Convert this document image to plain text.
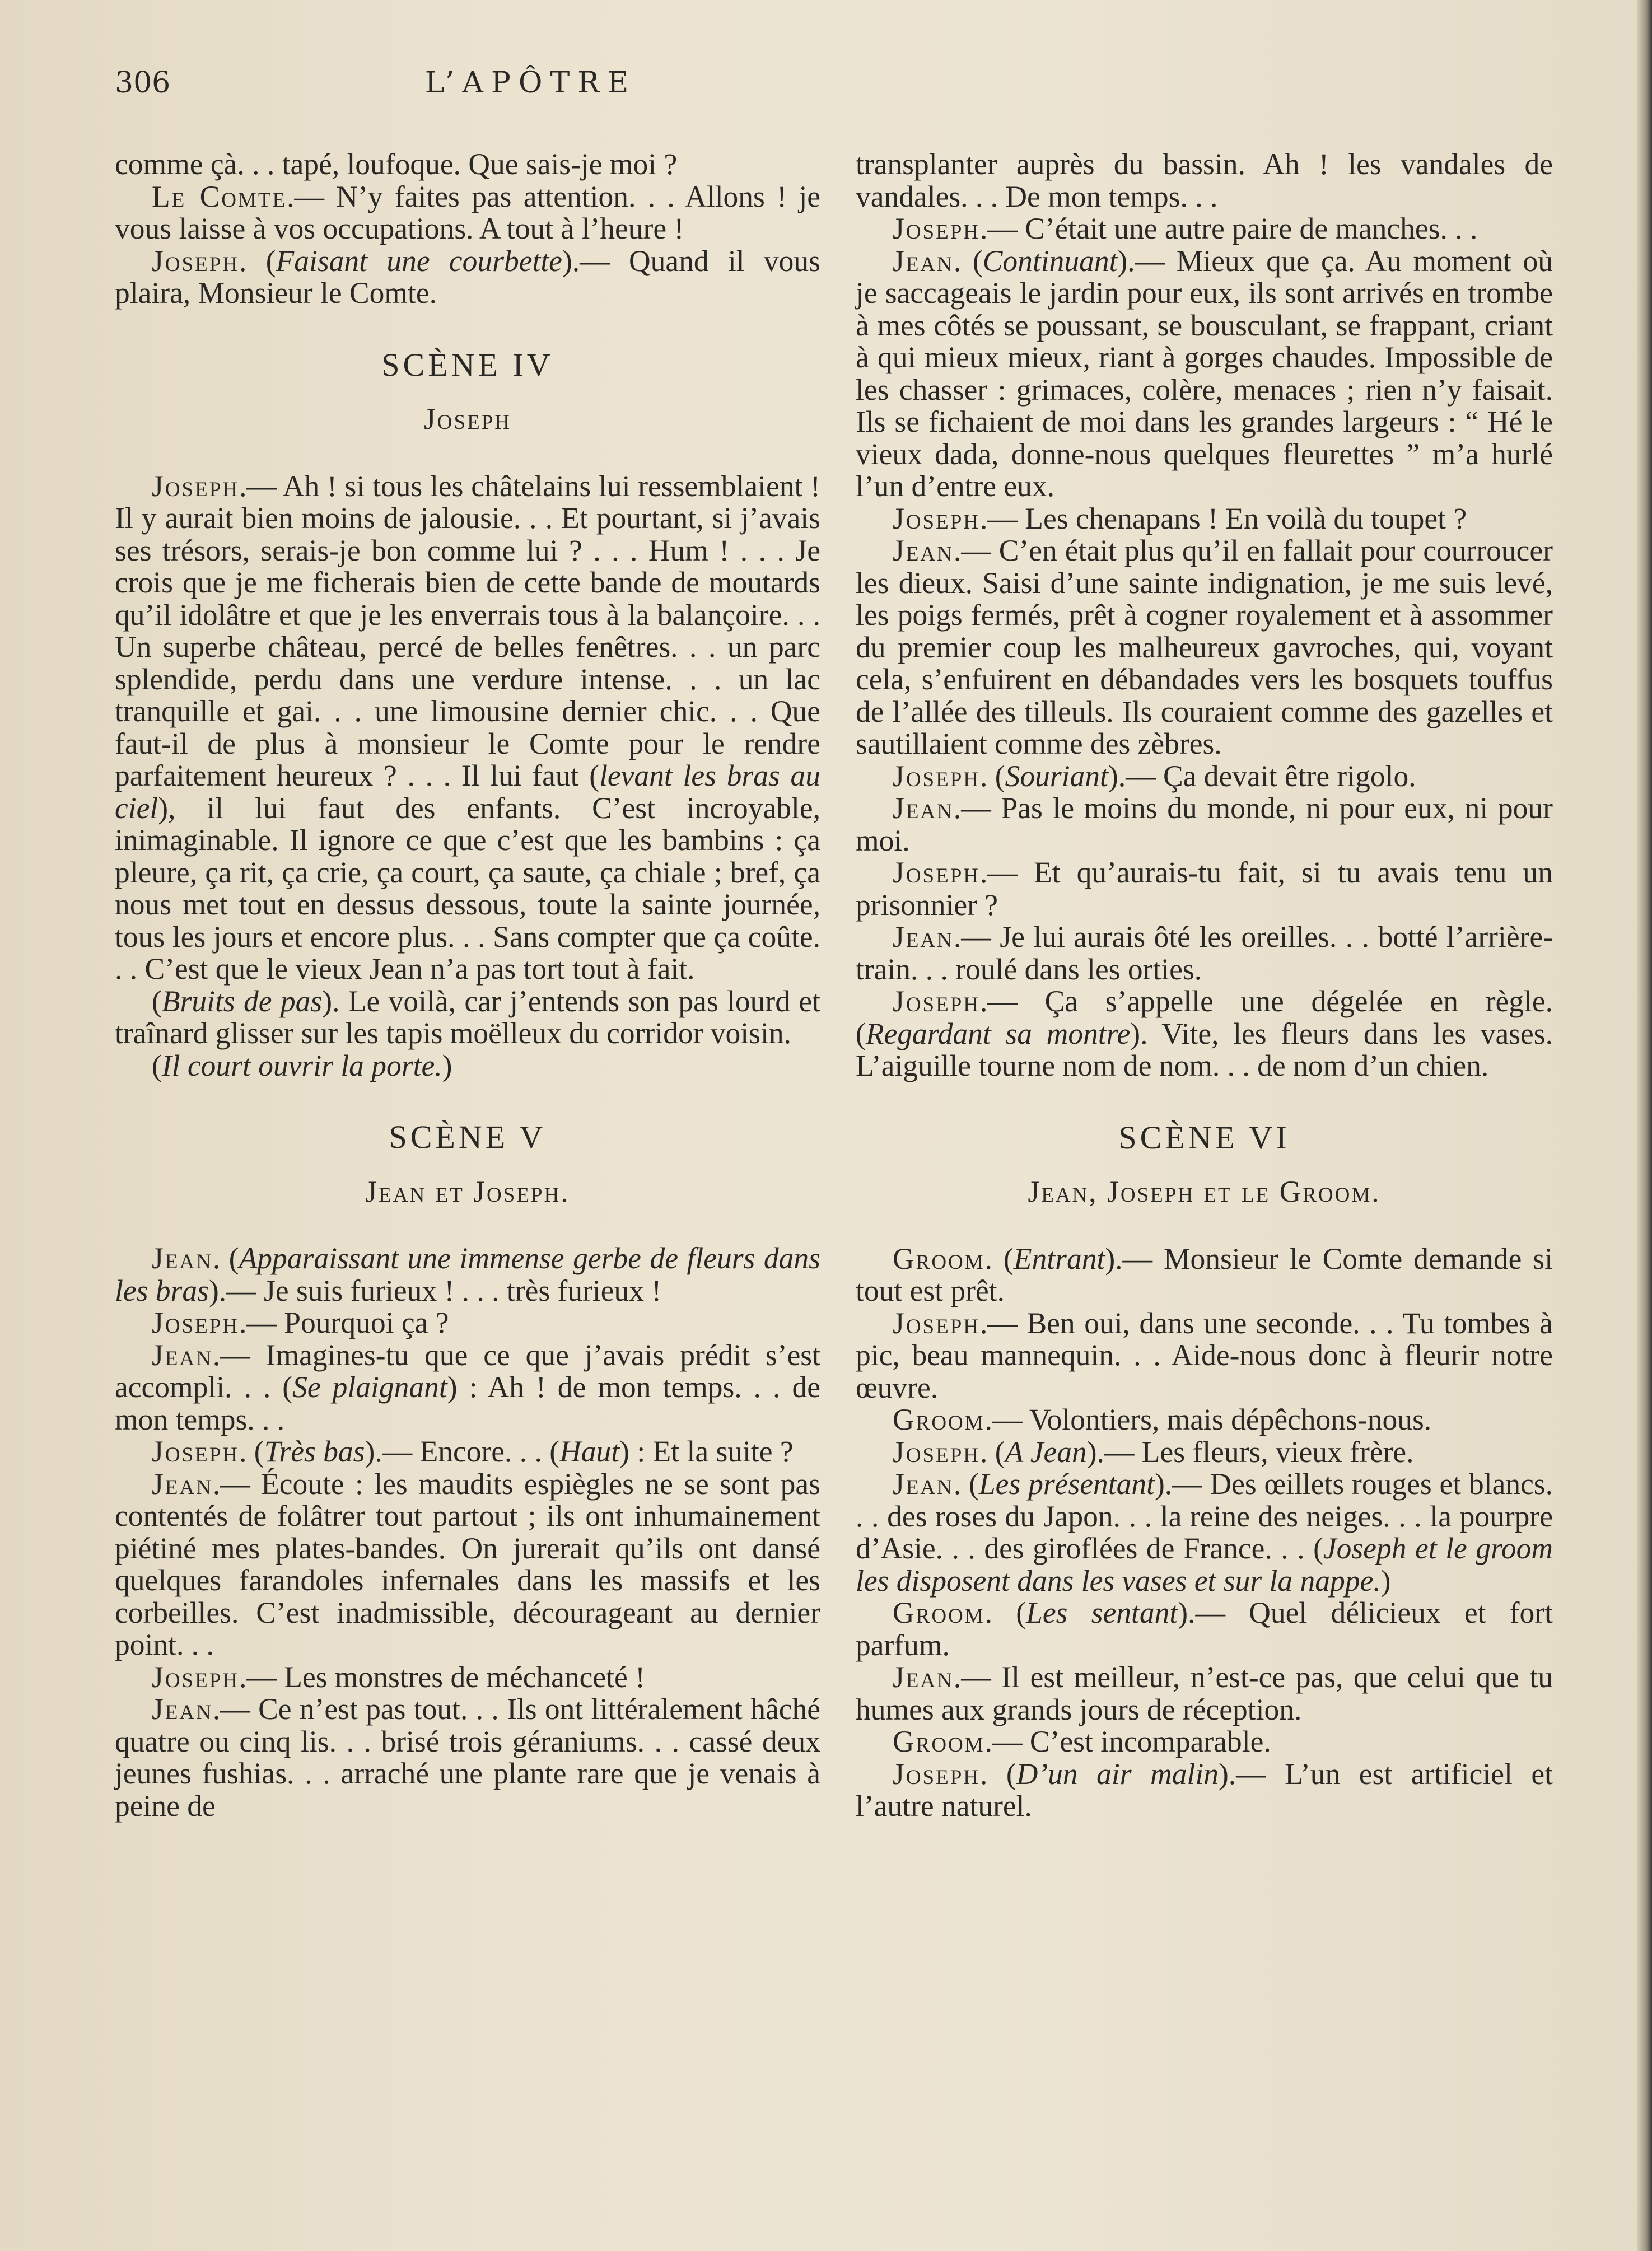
306	L’APÔTRE

comme çà. . . tapé, loufoque. Que sais-je moi ?

Le Comte.— N’y faites pas attention. . . Allons ! je vous laisse à vos occupations. A tout à l’heure !

Joseph. (Faisant une courbette).— Quand il vous plaira, Monsieur le Comte.

SCÈNE IV
Joseph

Joseph.— Ah ! si tous les châtelains lui ressemblaient ! Il y aurait bien moins de jalousie. . . Et pourtant, si j’avais ses trésors, serais-je bon comme lui ? . . . Hum ! . . . Je crois que je me ficherais bien de cette bande de moutards qu’il idolâtre et que je les enverrais tous à la balançoire. . . Un superbe château, percé de belles fenêtres. . . un parc splendide, perdu dans une verdure intense. . . un lac tranquille et gai. . . une limousine dernier chic. . . Que faut-il de plus à monsieur le Comte pour le rendre parfaitement heureux ? . . . Il lui faut (levant les bras au ciel), il lui faut des enfants. C’est incroyable, inimaginable. Il ignore ce que c’est que les bambins : ça pleure, ça rit, ça crie, ça court, ça saute, ça chiale ; bref, ça nous met tout en dessus dessous, toute la sainte journée, tous les jours et encore plus. . . Sans compter que ça coûte. . . C’est que le vieux Jean n’a pas tort tout à fait.

(Bruits de pas). Le voilà, car j’entends son pas lourd et traînard glisser sur les tapis moëlleux du corridor voisin.

(Il court ouvrir la porte.)

SCÈNE V
Jean et Joseph.

Jean. (Apparaissant une immense gerbe de fleurs dans les bras).— Je suis furieux ! . . . très furieux !

Joseph.— Pourquoi ça ?

Jean.— Imagines-tu que ce que j’avais prédit s’est accompli. . . (Se plaignant) : Ah ! de mon temps. . . de mon temps. . .

Joseph. (Très bas).— Encore. . . (Haut) : Et la suite ?

Jean.— Écoute : les maudits espiègles ne se sont pas contentés de folâtrer tout partout ; ils ont inhumainement piétiné mes plates-bandes. On jurerait qu’ils ont dansé quelques farandoles infernales dans les massifs et les corbeilles. C’est inadmissible, décourageant au dernier point. . .

Joseph.— Les monstres de méchanceté !

Jean.— Ce n’est pas tout. . . Ils ont littéralement hâché quatre ou cinq lis. . . brisé trois géraniums. . . cassé deux jeunes fushias. . . arraché une plante rare que je venais à peine de

transplanter auprès du bassin. Ah ! les vandales de vandales. . . De mon temps. . .

Joseph.— C’était une autre paire de manches. . .

Jean. (Continuant).— Mieux que ça. Au moment où je saccageais le jardin pour eux, ils sont arrivés en trombe à mes côtés se poussant, se bousculant, se frappant, criant à qui mieux mieux, riant à gorges chaudes. Impossible de les chasser : grimaces, colère, menaces ; rien n’y faisait. Ils se fichaient de moi dans les grandes largeurs : “ Hé le vieux dada, donne-nous quelques fleurettes ” m’a hurlé l’un d’entre eux.

Joseph.— Les chenapans ! En voilà du toupet ?

Jean.— C’en était plus qu’il en fallait pour courroucer les dieux. Saisi d’une sainte indignation, je me suis levé, les poigs fermés, prêt à cogner royalement et à assommer du premier coup les malheureux gavroches, qui, voyant cela, s’enfuirent en débandades vers les bosquets touffus de l’allée des tilleuls. Ils couraient comme des gazelles et sautillaient comme des zèbres.

Joseph. (Souriant).— Ça devait être rigolo.

Jean.— Pas le moins du monde, ni pour eux, ni pour moi.

Joseph.— Et qu’aurais-tu fait, si tu avais tenu un prisonnier ?

Jean.— Je lui aurais ôté les oreilles. . . botté l’arrière-train. . . roulé dans les orties.

Joseph.— Ça s’appelle une dégelée en règle. (Regardant sa montre). Vite, les fleurs dans les vases. L’aiguille tourne nom de nom. . . de nom d’un chien.

SCÈNE VI
Jean, Joseph et le Groom.

Groom. (Entrant).— Monsieur le Comte demande si tout est prêt.

Joseph.— Ben oui, dans une seconde. . . Tu tombes à pic, beau mannequin. . . Aide-nous donc à fleurir notre œuvre.

Groom.— Volontiers, mais dépêchons-nous.

Joseph. (A Jean).— Les fleurs, vieux frère.

Jean. (Les présentant).— Des œillets rouges et blancs. . . des roses du Japon. . . la reine des neiges. . . la pourpre d’Asie. . . des giroflées de France. . . (Joseph et le groom les disposent dans les vases et sur la nappe.)

Groom. (Les sentant).— Quel délicieux et fort parfum.

Jean.— Il est meilleur, n’est-ce pas, que celui que tu humes aux grands jours de réception.

Groom.— C’est incomparable.

Joseph. (D’un air malin).— L’un est artificiel et l’autre naturel.
